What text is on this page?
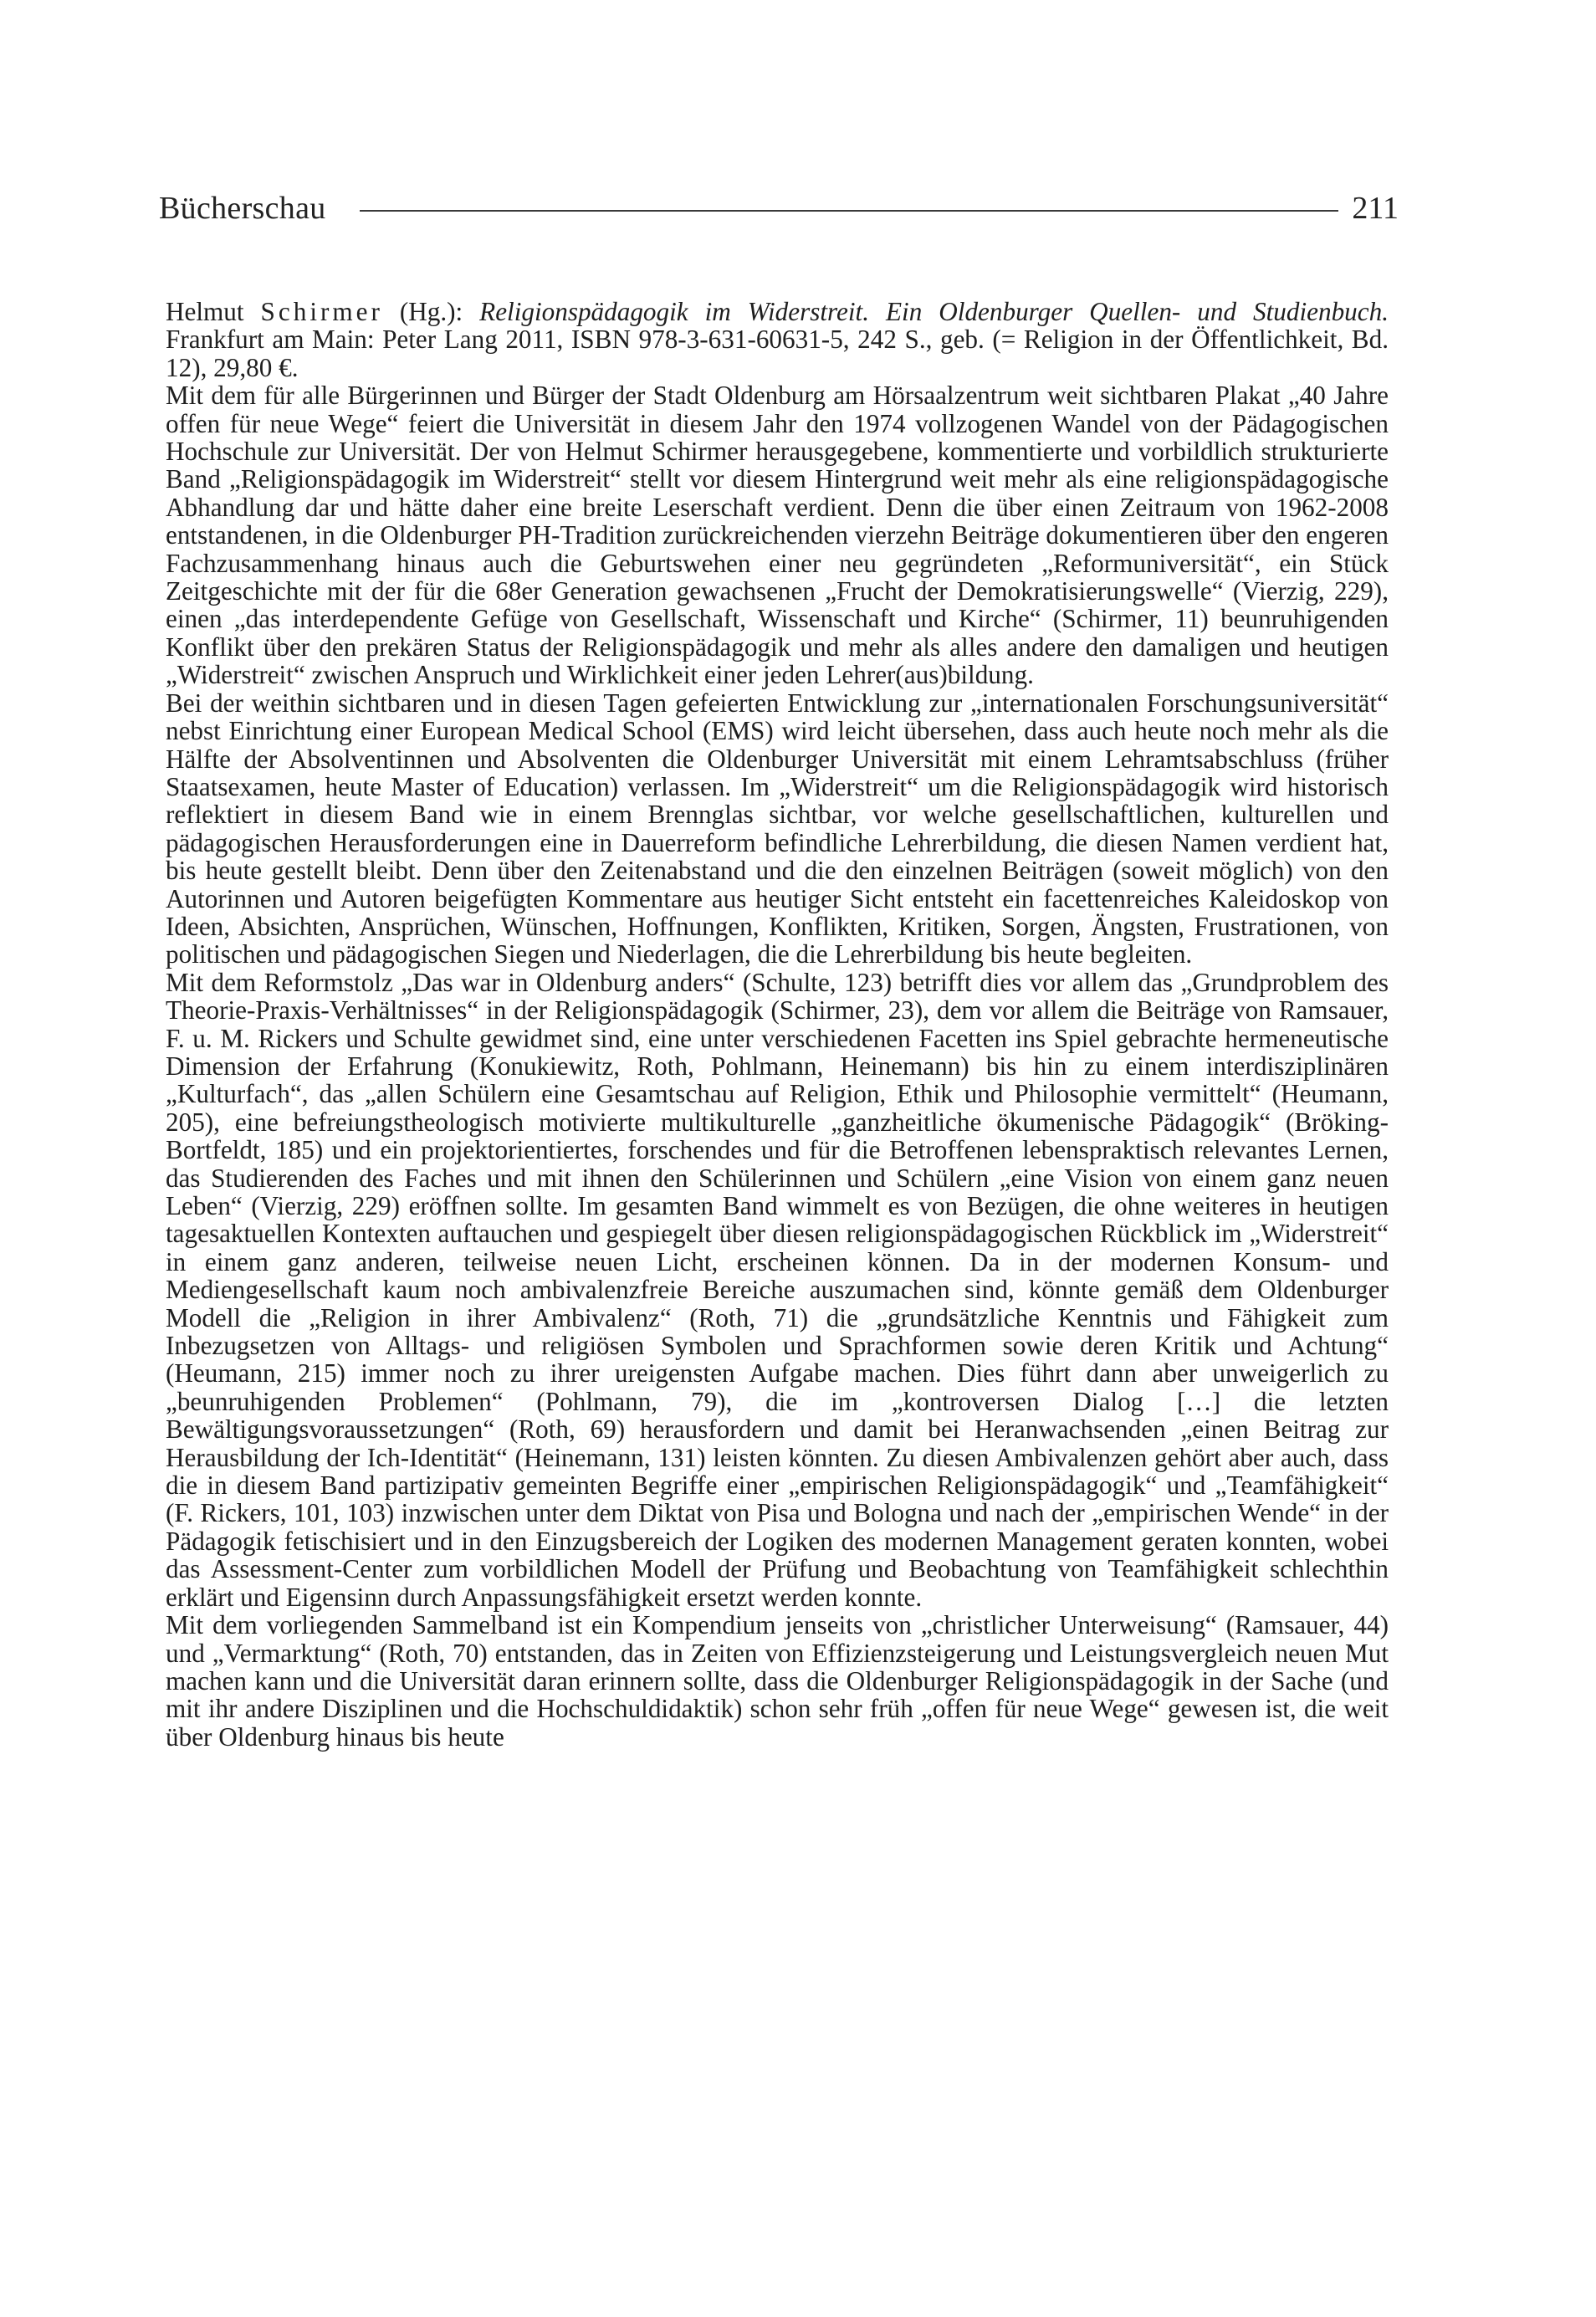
Bücherschau	211

Helmut Schirmer (Hg.): Religionspädagogik im Widerstreit. Ein Oldenburger Quellen- und Studienbuch. Frankfurt am Main: Peter Lang 2011, ISBN 978-3-631-60631-5, 242 S., geb. (= Religion in der Öffentlichkeit, Bd. 12), 29,80 €.

Mit dem für alle Bürgerinnen und Bürger der Stadt Oldenburg am Hörsaalzentrum weit sichtbaren Plakat „40 Jahre offen für neue Wege“ feiert die Universität in diesem Jahr den 1974 vollzogenen Wandel von der Pädagogischen Hochschule zur Universität. Der von Helmut Schirmer herausgegebene, kommentierte und vorbildlich strukturierte Band „Religionspädagogik im Widerstreit“ stellt vor diesem Hintergrund weit mehr als eine religionspädagogische Abhandlung dar und hätte daher eine breite Leserschaft verdient. Denn die über einen Zeitraum von 1962-2008 entstandenen, in die Oldenburger PH-Tradition zurückreichenden vierzehn Beiträge dokumentieren über den engeren Fachzusammenhang hinaus auch die Geburtswehen einer neu gegründeten „Reformuniversität“, ein Stück Zeitgeschichte mit der für die 68er Generation gewachsenen „Frucht der Demokratisierungswelle“ (Vierzig, 229), einen „das interdependente Gefüge von Gesellschaft, Wissenschaft und Kirche“ (Schirmer, 11) beunruhigenden Konflikt über den prekären Status der Religionspädagogik und mehr als alles andere den damaligen und heutigen „Widerstreit“ zwischen Anspruch und Wirklichkeit einer jeden Lehrer(aus)bildung.

Bei der weithin sichtbaren und in diesen Tagen gefeierten Entwicklung zur „internationalen Forschungsuniversität“ nebst Einrichtung einer European Medical School (EMS) wird leicht übersehen, dass auch heute noch mehr als die Hälfte der Absolventinnen und Absolventen die Oldenburger Universität mit einem Lehramtsabschluss (früher Staatsexamen, heute Master of Education) verlassen. Im „Widerstreit“ um die Religionspädagogik wird historisch reflektiert in diesem Band wie in einem Brennglas sichtbar, vor welche gesellschaftlichen, kulturellen und pädagogischen Herausforderungen eine in Dauerreform befindliche Lehrerbildung, die diesen Namen verdient hat, bis heute gestellt bleibt. Denn über den Zeitenabstand und die den einzelnen Beiträgen (soweit möglich) von den Autorinnen und Autoren beigefügten Kommentare aus heutiger Sicht entsteht ein facettenreiches Kaleidoskop von Ideen, Absichten, Ansprüchen, Wünschen, Hoffnungen, Konflikten, Kritiken, Sorgen, Ängsten, Frustrationen, von politischen und pädagogischen Siegen und Niederlagen, die die Lehrerbildung bis heute begleiten.

Mit dem Reformstolz „Das war in Oldenburg anders“ (Schulte, 123) betrifft dies vor allem das „Grundproblem des Theorie-Praxis-Verhältnisses“ in der Religionspädagogik (Schirmer, 23), dem vor allem die Beiträge von Ramsauer, F. u. M. Rickers und Schulte gewidmet sind, eine unter verschiedenen Facetten ins Spiel gebrachte hermeneutische Dimension der Erfahrung (Konukiewitz, Roth, Pohlmann, Heinemann) bis hin zu einem interdisziplinären „Kulturfach“, das „allen Schülern eine Gesamtschau auf Religion, Ethik und Philosophie vermittelt“ (Heumann, 205), eine befreiungstheologisch motivierte multikulturelle „ganzheitliche ökumenische Pädagogik“ (Bröking-Bortfeldt, 185) und ein projektorientiertes, forschendes und für die Betroffenen lebenspraktisch relevantes Lernen, das Studierenden des Faches und mit ihnen den Schülerinnen und Schülern „eine Vision von einem ganz neuen Leben“ (Vierzig, 229) eröffnen sollte. Im gesamten Band wimmelt es von Bezügen, die ohne weiteres in heutigen tagesaktuellen Kontexten auftauchen und gespiegelt über diesen religionspädagogischen Rückblick im „Widerstreit“ in einem ganz anderen, teilweise neuen Licht, erscheinen können. Da in der modernen Konsum- und Mediengesellschaft kaum noch ambivalenzfreie Bereiche auszumachen sind, könnte gemäß dem Oldenburger Modell die „Religion in ihrer Ambivalenz“ (Roth, 71) die „grundsätzliche Kenntnis und Fähigkeit zum Inbezugsetzen von Alltags- und religiösen Symbolen und Sprachformen sowie deren Kritik und Achtung“ (Heumann, 215) immer noch zu ihrer ureigensten Aufgabe machen. Dies führt dann aber unweigerlich zu „beunruhigenden Problemen“ (Pohlmann, 79), die im „kontroversen Dialog […] die letzten Bewältigungsvoraussetzungen“ (Roth, 69) herausfordern und damit bei Heranwachsenden „einen Beitrag zur Herausbildung der Ich-Identität“ (Heinemann, 131) leisten könnten. Zu diesen Ambivalenzen gehört aber auch, dass die in diesem Band partizipativ gemeinten Begriffe einer „empirischen Religionspädagogik“ und „Teamfähigkeit“ (F. Rickers, 101, 103) inzwischen unter dem Diktat von Pisa und Bologna und nach der „empirischen Wende“ in der Pädagogik fetischisiert und in den Einzugsbereich der Logiken des modernen Management geraten konnten, wobei das Assessment-Center zum vorbildlichen Modell der Prüfung und Beobachtung von Teamfähigkeit schlechthin erklärt und Eigensinn durch Anpassungsfähigkeit ersetzt werden konnte.

Mit dem vorliegenden Sammelband ist ein Kompendium jenseits von „christlicher Unterweisung“ (Ramsauer, 44) und „Vermarktung“ (Roth, 70) entstanden, das in Zeiten von Effizienzsteigerung und Leistungsvergleich neuen Mut machen kann und die Universität daran erinnern sollte, dass die Oldenburger Religionspädagogik in der Sache (und mit ihr andere Disziplinen und die Hochschuldidaktik) schon sehr früh „offen für neue Wege“ gewesen ist, die weit über Oldenburg hinaus bis heute
